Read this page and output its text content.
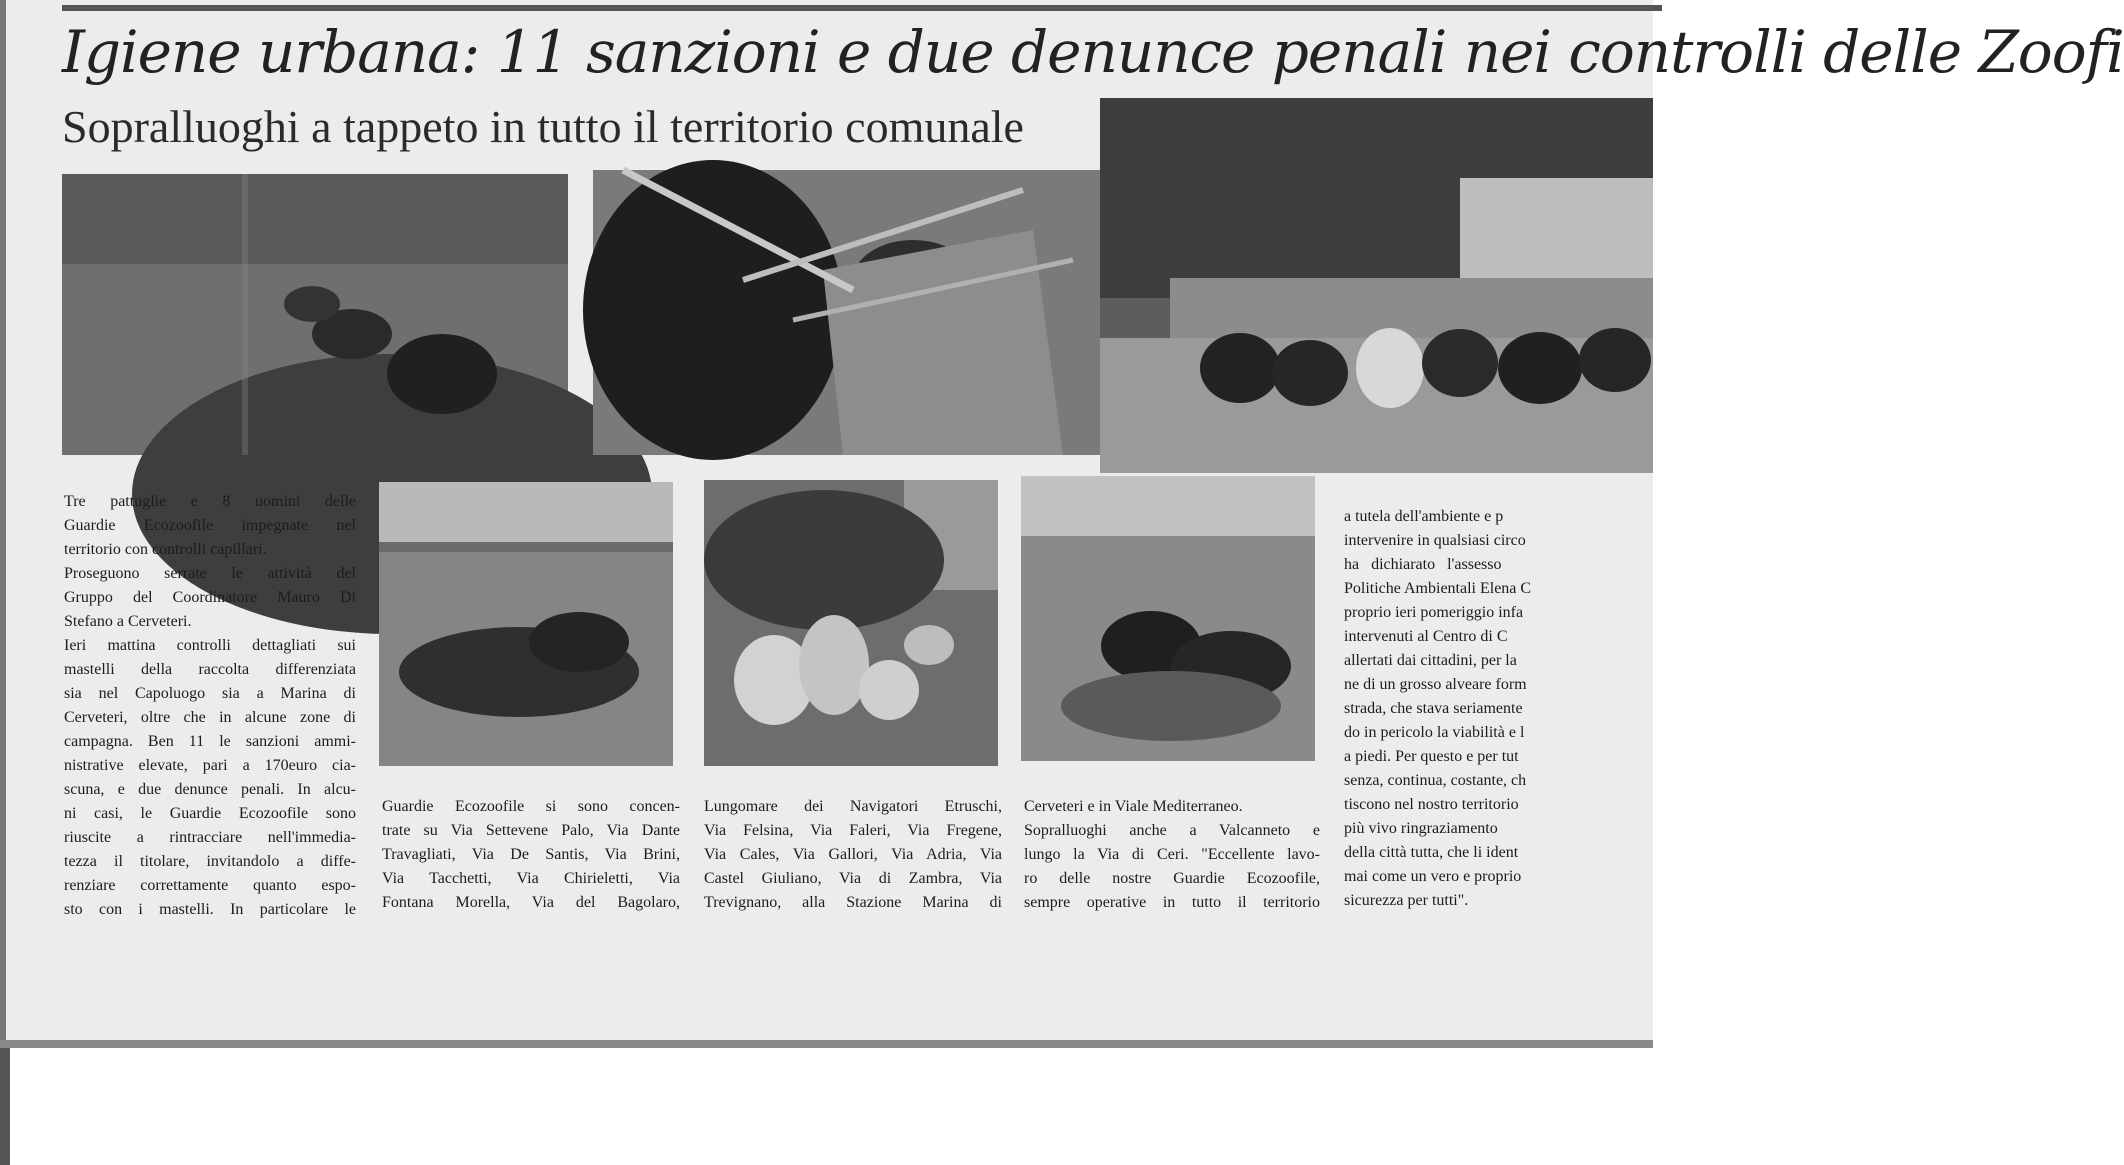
Igiene urbana: 11 sanzioni e due denunce penali nei controlli delle Zoofi
Sopralluoghi a tappeto in tutto il territorio comunale
Tre pattuglie e 8 uomini delle
Guardie Ecozoofile impegnate nel
territorio con controlli capillari.
Proseguono serrate le attività del
Gruppo del Coordinatore Mauro Di
Stefano a Cerveteri.
Ieri mattina controlli dettagliati sui
mastelli della raccolta differenziata
sia nel Capoluogo sia a Marina di
Cerveteri, oltre che in alcune zone di
campagna. Ben 11 le sanzioni ammi-
nistrative elevate, pari a 170euro cia-
scuna, e due denunce penali. In alcu-
ni casi, le Guardie Ecozoofile sono
riuscite a rintracciare nell'immedia-
tezza il titolare, invitandolo a diffe-
renziare correttamente quanto espo-
sto con i mastelli. In particolare le
Guardie Ecozoofile si sono concen-
trate su Via Settevene Palo, Via Dante
Travagliati, Via De Santis, Via Brini,
Via Tacchetti, Via Chirieletti, Via
Fontana Morella, Via del Bagolaro,
Lungomare dei Navigatori Etruschi,
Via Felsina, Via Faleri, Via Fregene,
Via Cales, Via Gallori, Via Adria, Via
Castel Giuliano, Via di Zambra, Via
Trevignano, alla Stazione Marina di
Cerveteri e in Viale Mediterraneo.
Sopralluoghi anche a Valcanneto e
lungo la Via di Ceri. "Eccellente lavo-
ro delle nostre Guardie Ecozoofile,
sempre operative in tutto il territorio
a tutela dell'ambiente e p
intervenire in qualsiasi circo
ha   dichiarato   l'assesso
Politiche Ambientali Elena C
proprio ieri pomeriggio infa
intervenuti al Centro di C
allertati dai cittadini, per la
ne di un grosso alveare form
strada, che stava seriamente
do in pericolo la viabilità e l
a piedi. Per questo e per tut
senza, continua, costante, ch
tiscono nel nostro territorio
più vivo ringraziamento
della città tutta, che li ident
mai come un vero e proprio
sicurezza per tutti".
